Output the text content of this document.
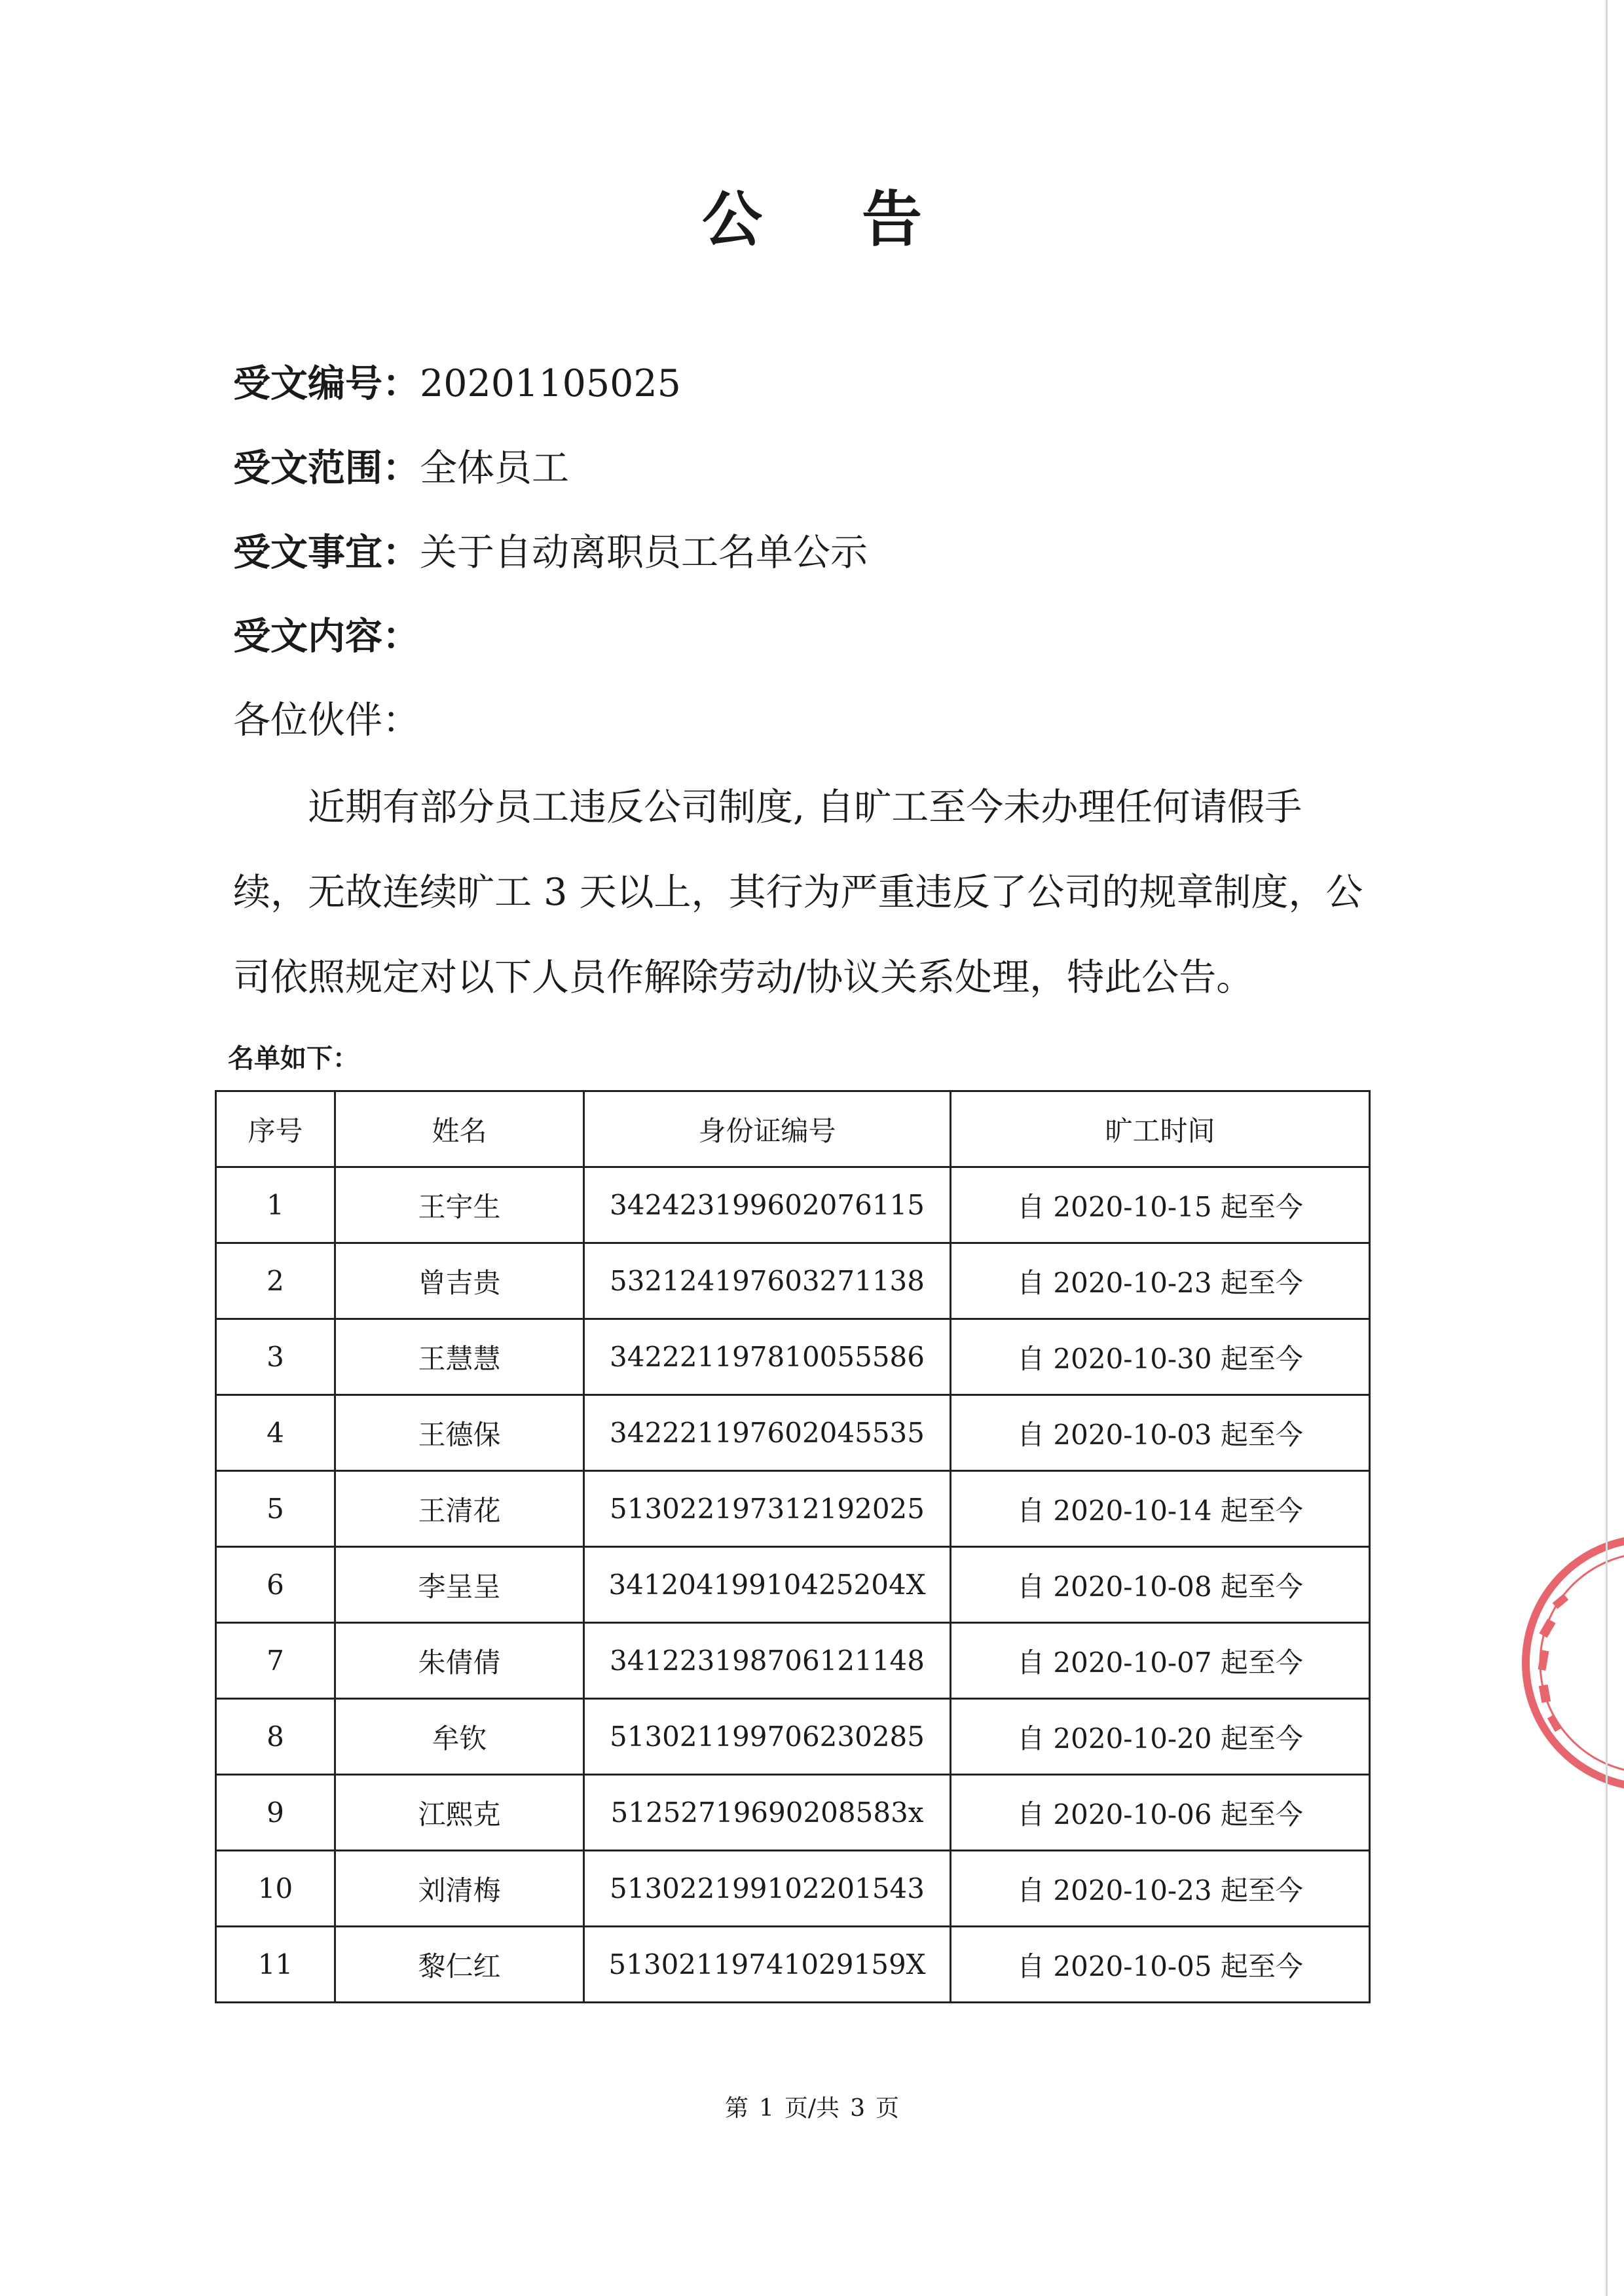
公 告
受文编号：20201105025
受文范围：全体员工
受文事宜：关于自动离职员工名单公示
受文内容：
各位伙伴：
近期有部分员工违反公司制度, 自旷工至今未办理任何请假手
续，无故连续旷工 3 天以上，其行为严重违反了公司的规章制度，公
司依照规定对以下人员作解除劳动/协议关系处理，特此公告。
名单如下：
序号	姓名	身份证编号	旷工时间
1	王宇生	342423199602076115	自 2020-10-15 起至今
2	曾吉贵	532124197603271138	自 2020-10-23 起至今
3	王慧慧	342221197810055586	自 2020-10-30 起至今
4	王德保	342221197602045535	自 2020-10-03 起至今
5	王清花	513022197312192025	自 2020-10-14 起至今
6	李呈呈	34120419910425204X	自 2020-10-08 起至今
7	朱倩倩	341223198706121148	自 2020-10-07 起至今
8	牟钦	513021199706230285	自 2020-10-20 起至今
9	江熙克	51252719690208583x	自 2020-10-06 起至今
10	刘清梅	513022199102201543	自 2020-10-23 起至今
11	黎仁红	51302119741029159X	自 2020-10-05 起至今
第 1 页/共 3 页
